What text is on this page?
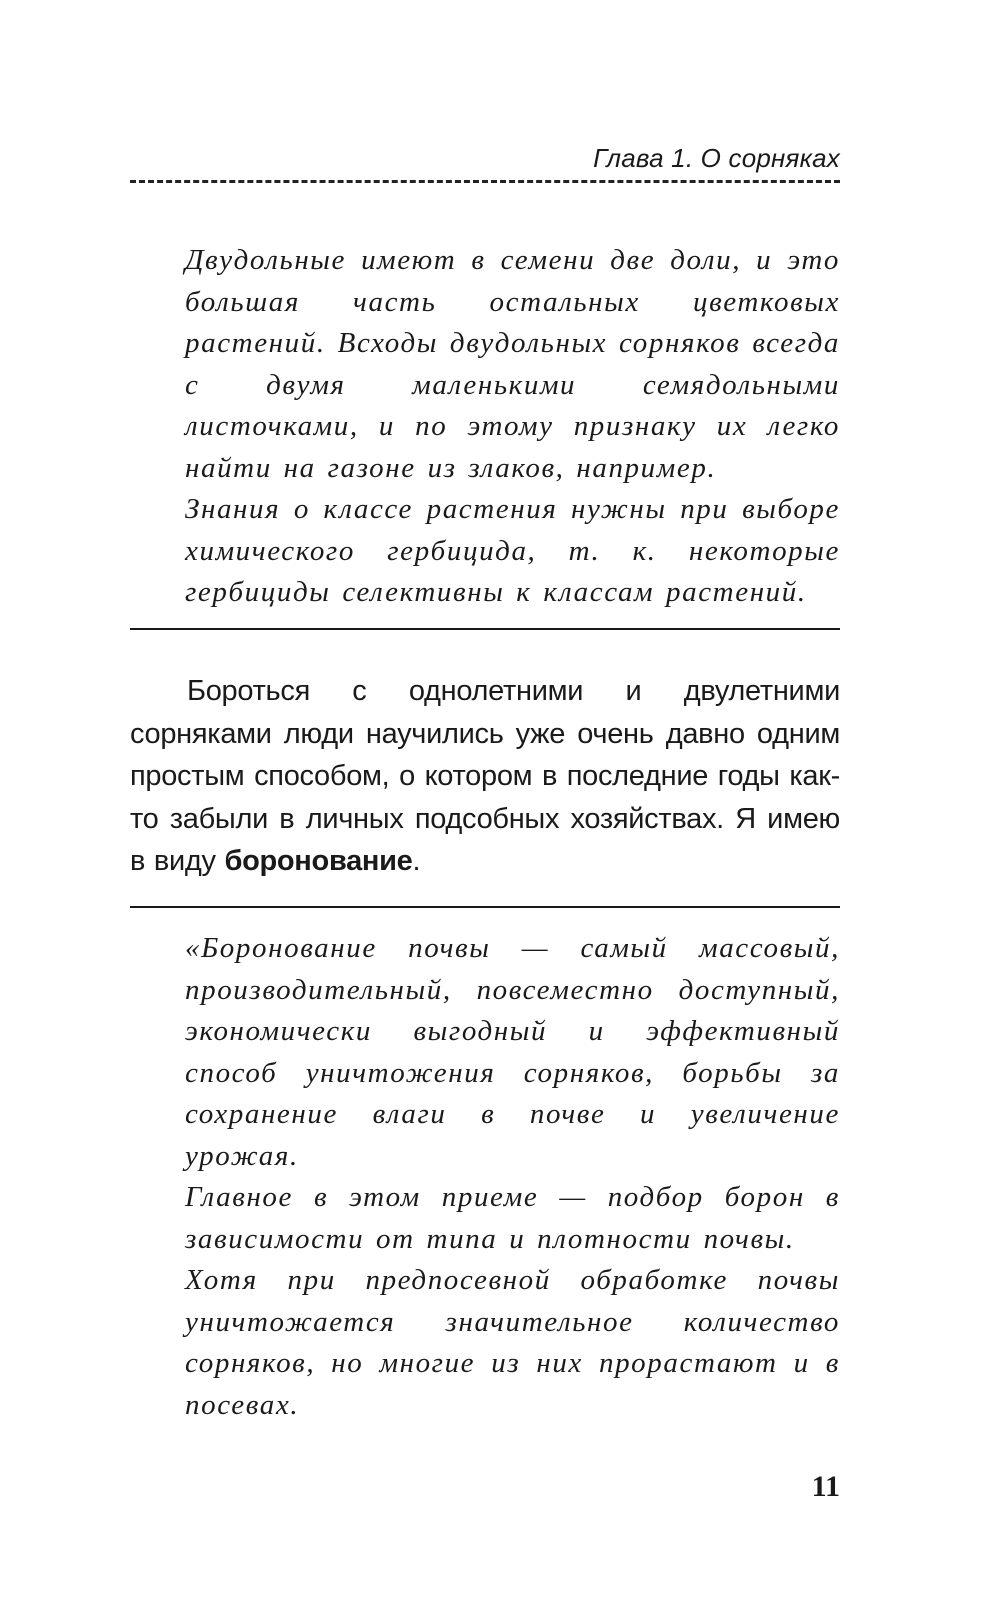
Глава 1. О сорняках

Двудольные имеют в семени две доли, и это большая часть остальных цветковых растений. Всходы двудольных сорняков всегда с двумя маленькими семядольными листочками, и по этому признаку их легко найти на газоне из злаков, например.

Знания о классе растения нужны при выборе химического гербицида, т. к. некоторые гербициды селективны к классам растений.

Бороться с однолетними и двулетними сорняками люди научились уже очень давно одним простым способом, о котором в последние годы как-то забыли в личных подсобных хозяйствах. Я имею в виду боронование.

«Боронование почвы — самый массовый, производительный, повсеместно доступный, экономически выгодный и эффективный способ уничтожения сорняков, борьбы за сохранение влаги в почве и увеличение урожая.

Главное в этом приеме — подбор борон в зависимости от типа и плотности почвы.

Хотя при предпосевной обработке почвы уничтожается значительное количество сорняков, но многие из них прорастают и в посевах.

11
